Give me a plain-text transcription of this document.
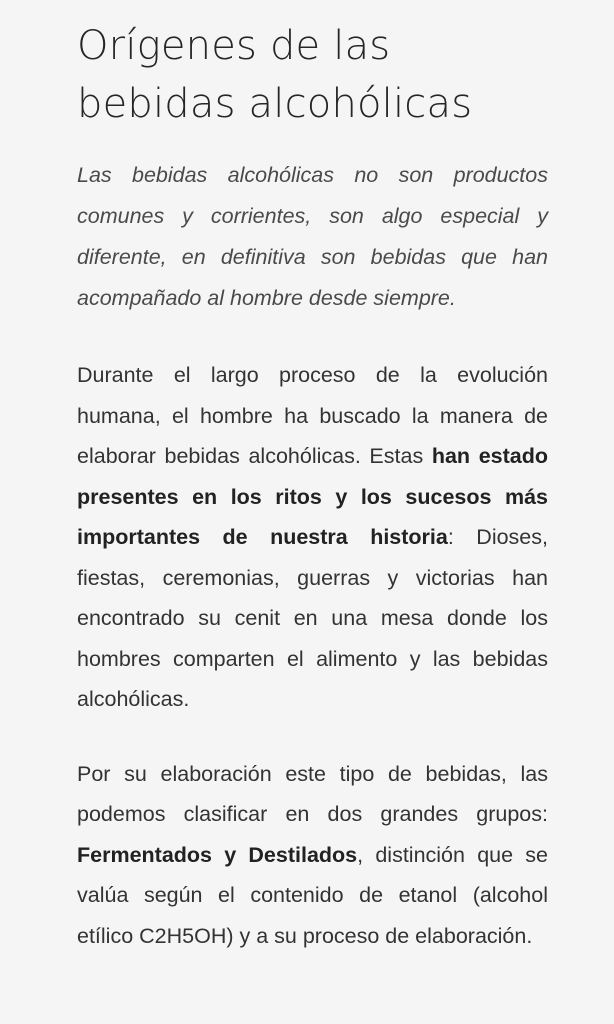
Orígenes de las
bebidas alcohólicas

Las bebidas alcohólicas no son productos comunes y corrientes, son algo especial y diferente, en definitiva son bebidas que han acompañado al hombre desde siempre.

Durante el largo proceso de la evolución humana, el hombre ha buscado la manera de elaborar bebidas alcohólicas. Estas han estado presentes en los ritos y los sucesos más importantes de nuestra historia: Dioses, fiestas, ceremonias, guerras y victorias han encontrado su cenit en una mesa donde los hombres comparten el alimento y las bebidas alcohólicas.

Por su elaboración este tipo de bebidas, las podemos clasificar en dos grandes grupos: Fermentados y Destilados, distinción que se valúa según el contenido de etanol (alcohol etílico C2H5OH) y a su proceso de elaboración.
